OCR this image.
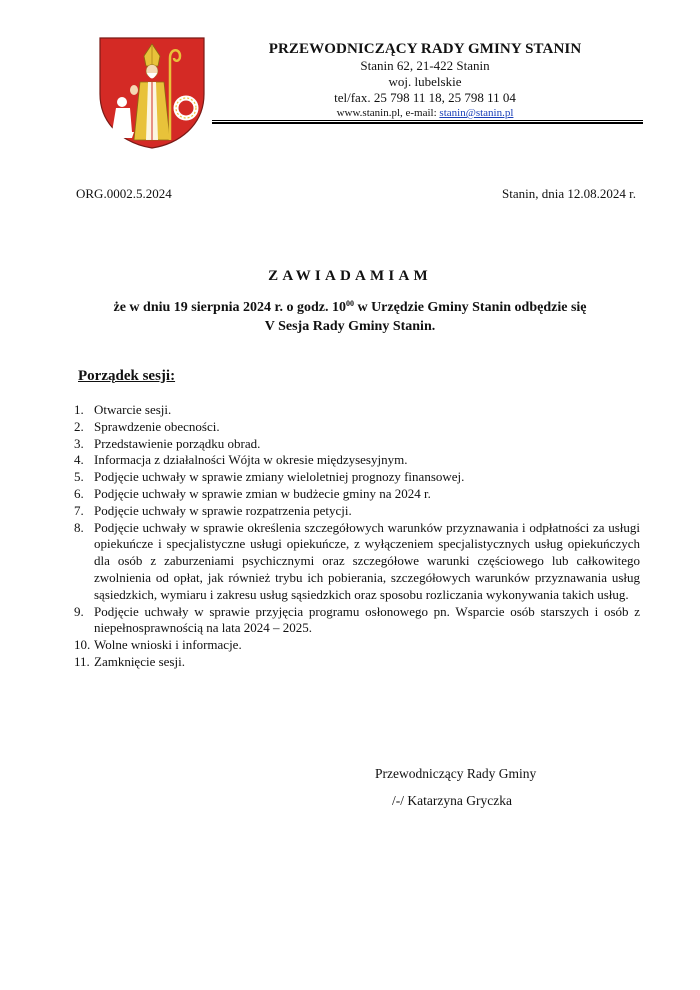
PRZEWODNICZĄCY RADY GMINY STANIN
Stanin 62, 21-422 Stanin
woj. lubelskie
tel/fax. 25 798 11 18, 25 798 11 04
www.stanin.pl, e-mail: stanin@stanin.pl
ORG.0002.5.2024	Stanin, dnia 12.08.2024 r.
ZAWIADAMIAM
że w dniu 19 sierpnia 2024 r. o godz. $10^{00}$ w Urzędzie Gminy Stanin odbędzie się
V Sesja Rady Gminy Stanin.
Porządek sesji:
1. Otwarcie sesji.
2. Sprawdzenie obecności.
3. Przedstawienie porządku obrad.
4. Informacja z działalności Wójta w okresie międzysesyjnym.
5. Podjęcie uchwały w sprawie zmiany wieloletniej prognozy finansowej.
6. Podjęcie uchwały w sprawie zmian w budżecie gminy na 2024 r.
7. Podjęcie uchwały w sprawie rozpatrzenia petycji.
8. Podjęcie uchwały w sprawie określenia szczegółowych warunków przyznawania i odpłatności za usługi opiekuńcze i specjalistyczne usługi opiekuńcze, z wyłączeniem specjalistycznych usług opiekuńczych dla osób z zaburzeniami psychicznymi oraz szczegółowe warunki częściowego lub całkowitego zwolnienia od opłat, jak również trybu ich pobierania, szczegółowych warunków przyznawania usług sąsiedzkich, wymiaru i zakresu usług sąsiedzkich oraz sposobu rozliczania wykonywania takich usług.
9. Podjęcie uchwały w sprawie przyjęcia programu osłonowego pn. Wsparcie osób starszych i osób z niepełnosprawnością na lata 2024 – 2025.
10. Wolne wnioski i informacje.
11. Zamknięcie sesji.
Przewodniczący Rady Gminy
/-/ Katarzyna Gryczka
